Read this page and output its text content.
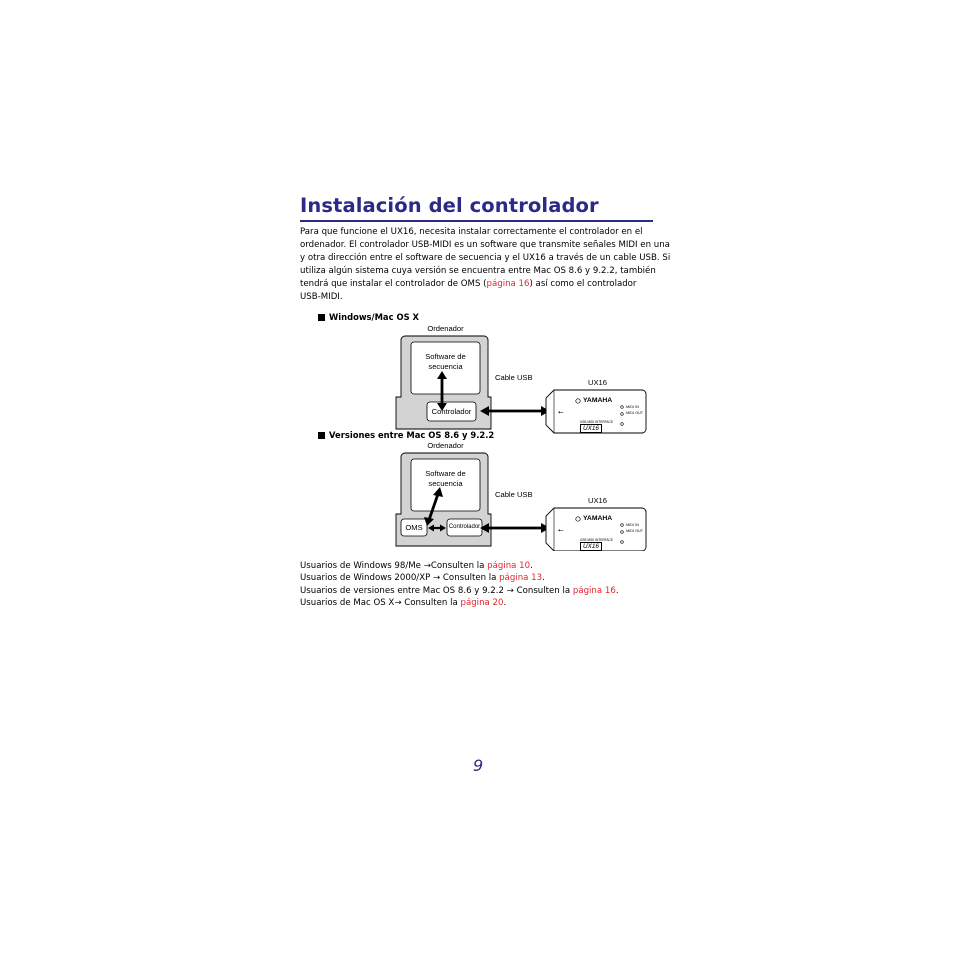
Instalación del controlador
Para que funcione el UX16, necesita instalar correctamente el controlador en el
ordenador. El controlador USB-MIDI es un software que transmite señales MIDI en una
y otra dirección entre el software de secuencia y el UX16 a través de un cable USB. Si
utiliza algún sistema cuya versión se encuentra entre Mac OS 8.6 y 9.2.2, también
tendrá que instalar el controlador de OMS (página 16) así como el controlador
USB-MIDI.
Windows/Mac OS X
⭠
Ordenador
Software de
secuencia
Controlador
Cable USB
UX16
YAMAHA
MIDI IN
MIDI OUT
USB MIDI INTERFACE
UX16
Versiones entre Mac OS 8.6 y 9.2.2
⭠
Ordenador
Software de
secuencia
OMS	Controlador
Cable USB
UX16
YAMAHA
MIDI IN
MIDI OUT
USB MIDI INTERFACE
UX16
Usuarios de Windows 98/Me →Consulten la página 10.
Usuarios de Windows 2000/XP → Consulten la página 13.
Usuarios de versiones entre Mac OS 8.6 y 9.2.2 → Consulten la página 16.
Usuarios de Mac OS X→ Consulten la página 20.
9
